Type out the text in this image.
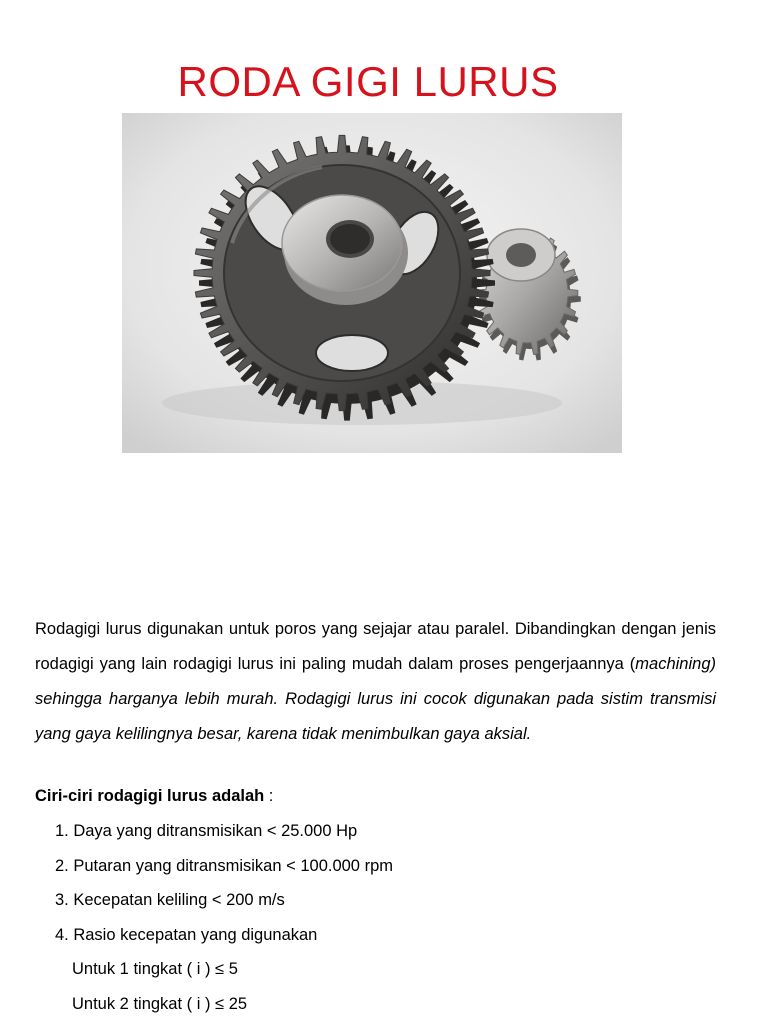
RODA GIGI LURUS

Rodagigi lurus digunakan untuk poros yang sejajar atau paralel. Dibandingkan dengan jenis rodagigi yang lain rodagigi lurus ini paling mudah dalam proses pengerjaannya (machining) sehingga harganya lebih murah. Rodagigi lurus ini cocok digunakan pada sistim transmisi yang gaya kelilingnya besar, karena tidak menimbulkan gaya aksial.

Ciri-ciri rodagigi lurus adalah :
1. Daya yang ditransmisikan < 25.000 Hp
2. Putaran yang ditransmisikan < 100.000 rpm
3. Kecepatan keliling < 200 m/s
4. Rasio kecepatan yang digunakan
Untuk 1 tingkat ( i ) ≤ 5
Untuk 2 tingkat ( i ) ≤ 25
